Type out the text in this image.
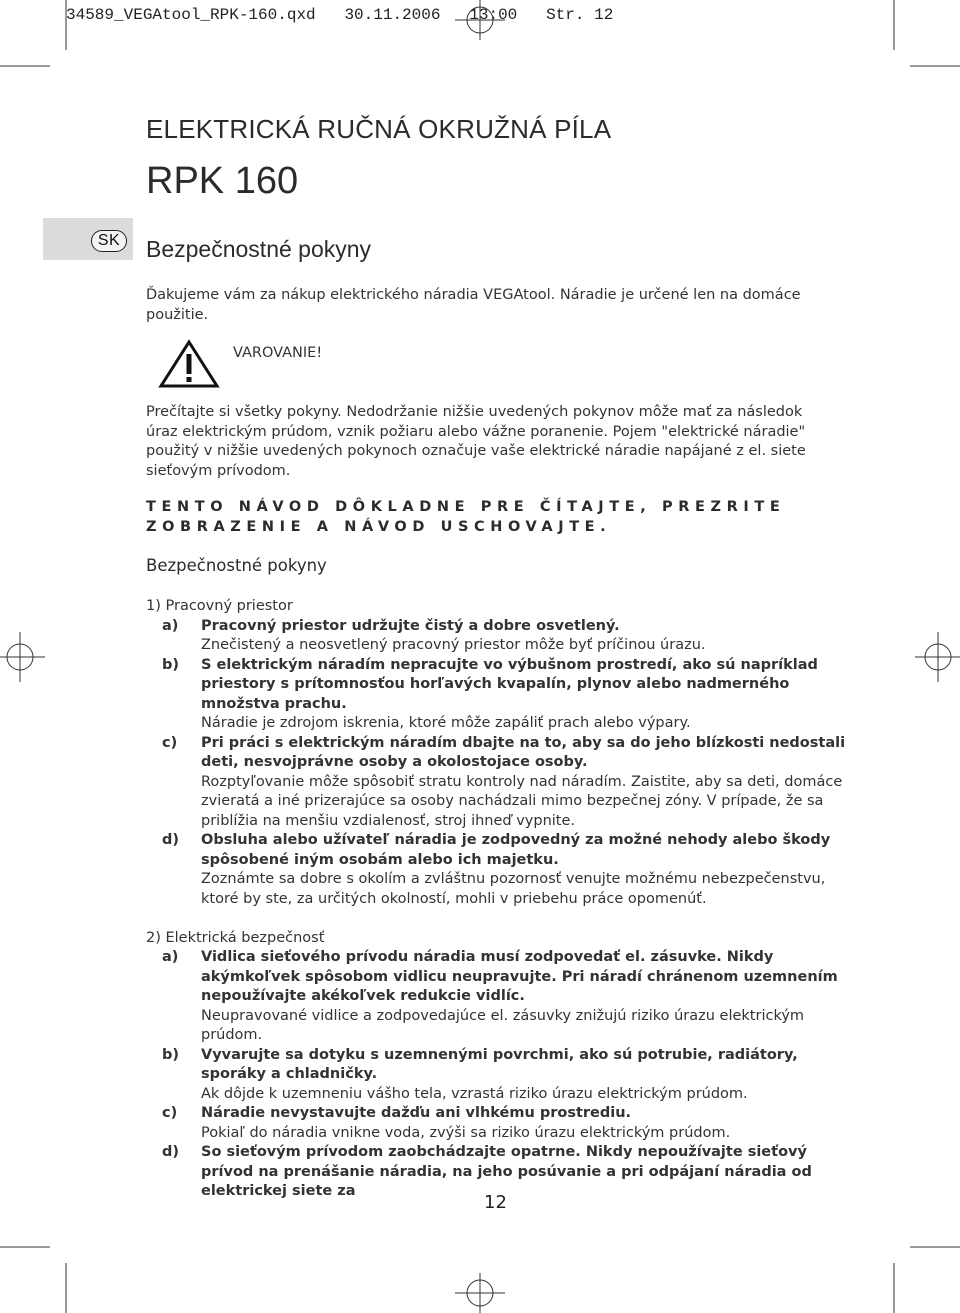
34589_VEGAtool_RPK-160.qxd   30.11.2006   13:00   Str. 12
ELEKTRICKÁ RUČNÁ OKRUŽNÁ PÍLA
RPK 160
SK Bezpečnostné pokyny

Ďakujeme vám za nákup elektrického náradia VEGAtool. Náradie je určené len na domáce použitie.

VAROVANIE!

Prečítajte si všetky pokyny. Nedodržanie nižšie uvedených pokynov môže mať za následok úraz elektrickým prúdom, vznik požiaru alebo vážne poranenie. Pojem "elektrické náradie" použitý v nižšie uvedených pokynoch označuje vaše elektrické náradie napájané z el. siete sieťovým prívodom.

TENTO NÁVOD DÔKLADNE PRE ČÍTAJTE, PREZRITE ZOBRAZENIE A NÁVOD USCHOVAJTE.

Bezpečnostné pokyny
1) Pracovný priestor
a)	Pracovný priestor udržujte čistý a dobre osvetlený.
Znečistený a neosvetlený pracovný priestor môže byť príčinou úrazu.
b)	S elektrickým náradím nepracujte vo výbušnom prostredí, ako sú napríklad priestory s prítomnosťou horľavých kvapalín, plynov alebo nadmerného množstva prachu.
Náradie je zdrojom iskrenia, ktoré môže zapáliť prach alebo výpary.
c)	Pri práci s elektrickým náradím dbajte na to, aby sa do jeho blízkosti nedostali deti, nesvojprávne osoby a okolostojace osoby.
Rozptyľovanie môže spôsobiť stratu kontroly nad náradím. Zaistite, aby sa deti, domáce zvieratá a iné prizerajúce sa osoby nachádzali mimo bezpečnej zóny. V prípade, že sa priblížia na menšiu vzdialenosť, stroj ihneď vypnite.
d)	Obsluha alebo užívateľ náradia je zodpovedný za možné nehody alebo škody spôsobené iným osobám alebo ich majetku.
Zoznámte sa dobre s okolím a zvláštnu pozornosť venujte možnému nebezpečenstvu, ktoré by ste, za určitých okolností, mohli v priebehu práce opomenúť.
2) Elektrická bezpečnosť
a)	Vidlica sieťového prívodu náradia musí zodpovedať el. zásuvke. Nikdy akýmkoľvek spôsobom vidlicu neupravujte. Pri náradí chránenom uzemnením nepoužívajte akékoľvek redukcie vidlíc.
Neupravované vidlice a zodpovedajúce el. zásuvky znižujú riziko úrazu elektrickým prúdom.
b)	Vyvarujte sa dotyku s uzemnenými povrchmi, ako sú potrubie, radiátory, sporáky a chladničky.
Ak dôjde k uzemneniu vášho tela, vzrastá riziko úrazu elektrickým prúdom.
c)	Náradie nevystavujte dažďu ani vlhkému prostrediu.
Pokiaľ do náradia vnikne voda, zvýši sa riziko úrazu elektrickým prúdom.
d)	So sieťovým prívodom zaobchádzajte opatrne. Nikdy nepoužívajte sieťový prívod na prenášanie náradia, na jeho posúvanie a pri odpájaní náradia od elektrickej siete za
12
